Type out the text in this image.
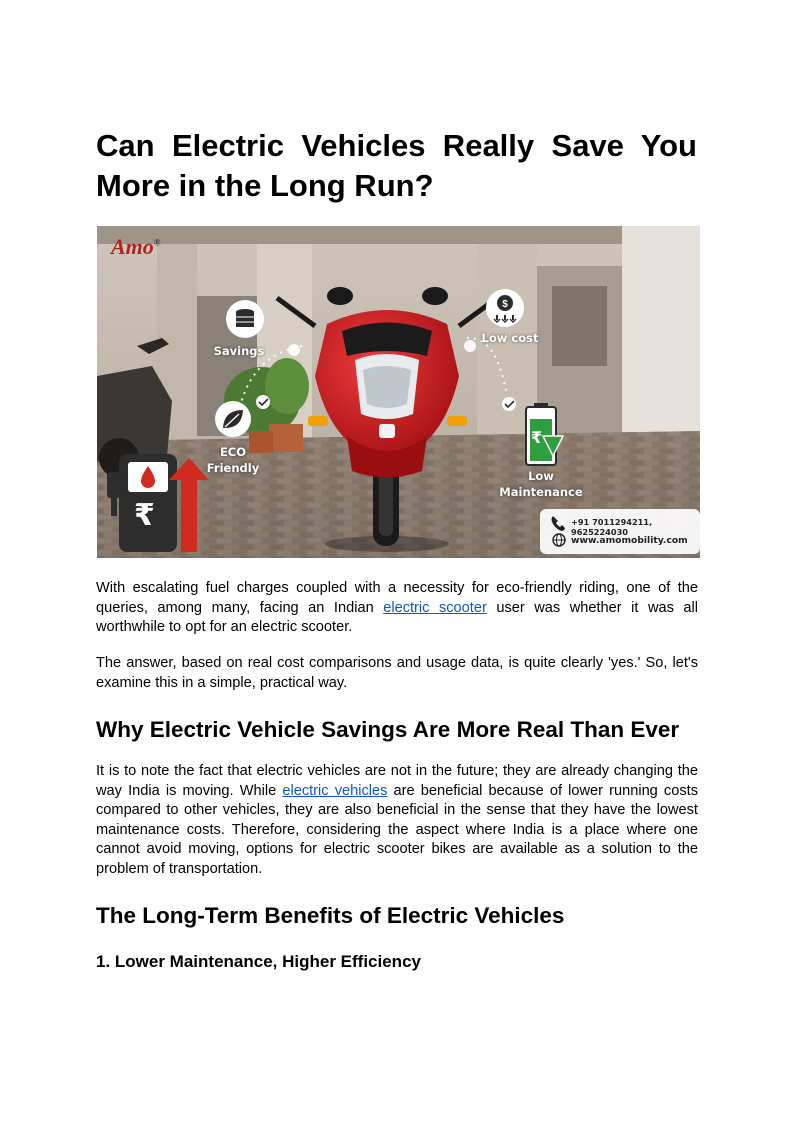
Can Electric Vehicles Really Save You More in the Long Run?
$
Amo®
Savings
ECO
Friendly
Low cost
Low
Maintenance
₹
₹	+91 7011294211, 9625224030
www.amomobility.com

With escalating fuel charges coupled with a necessity for eco-friendly riding, one of the queries, among many, facing an Indian electric scooter user was whether it was all worthwhile to opt for an electric scooter.

The answer, based on real cost comparisons and usage data, is quite clearly 'yes.' So, let's examine this in a simple, practical way.

Why Electric Vehicle Savings Are More Real Than Ever

It is to note the fact that electric vehicles are not in the future; they are already changing the way India is moving. While electric vehicles are beneficial because of lower running costs compared to other vehicles, they are also beneficial in the sense that they have the lowest maintenance costs. Therefore, considering the aspect where India is a place where one cannot avoid moving, options for electric scooter bikes are available as a solution to the problem of transportation.

The Long-Term Benefits of Electric Vehicles
1. Lower Maintenance, Higher Efficiency
